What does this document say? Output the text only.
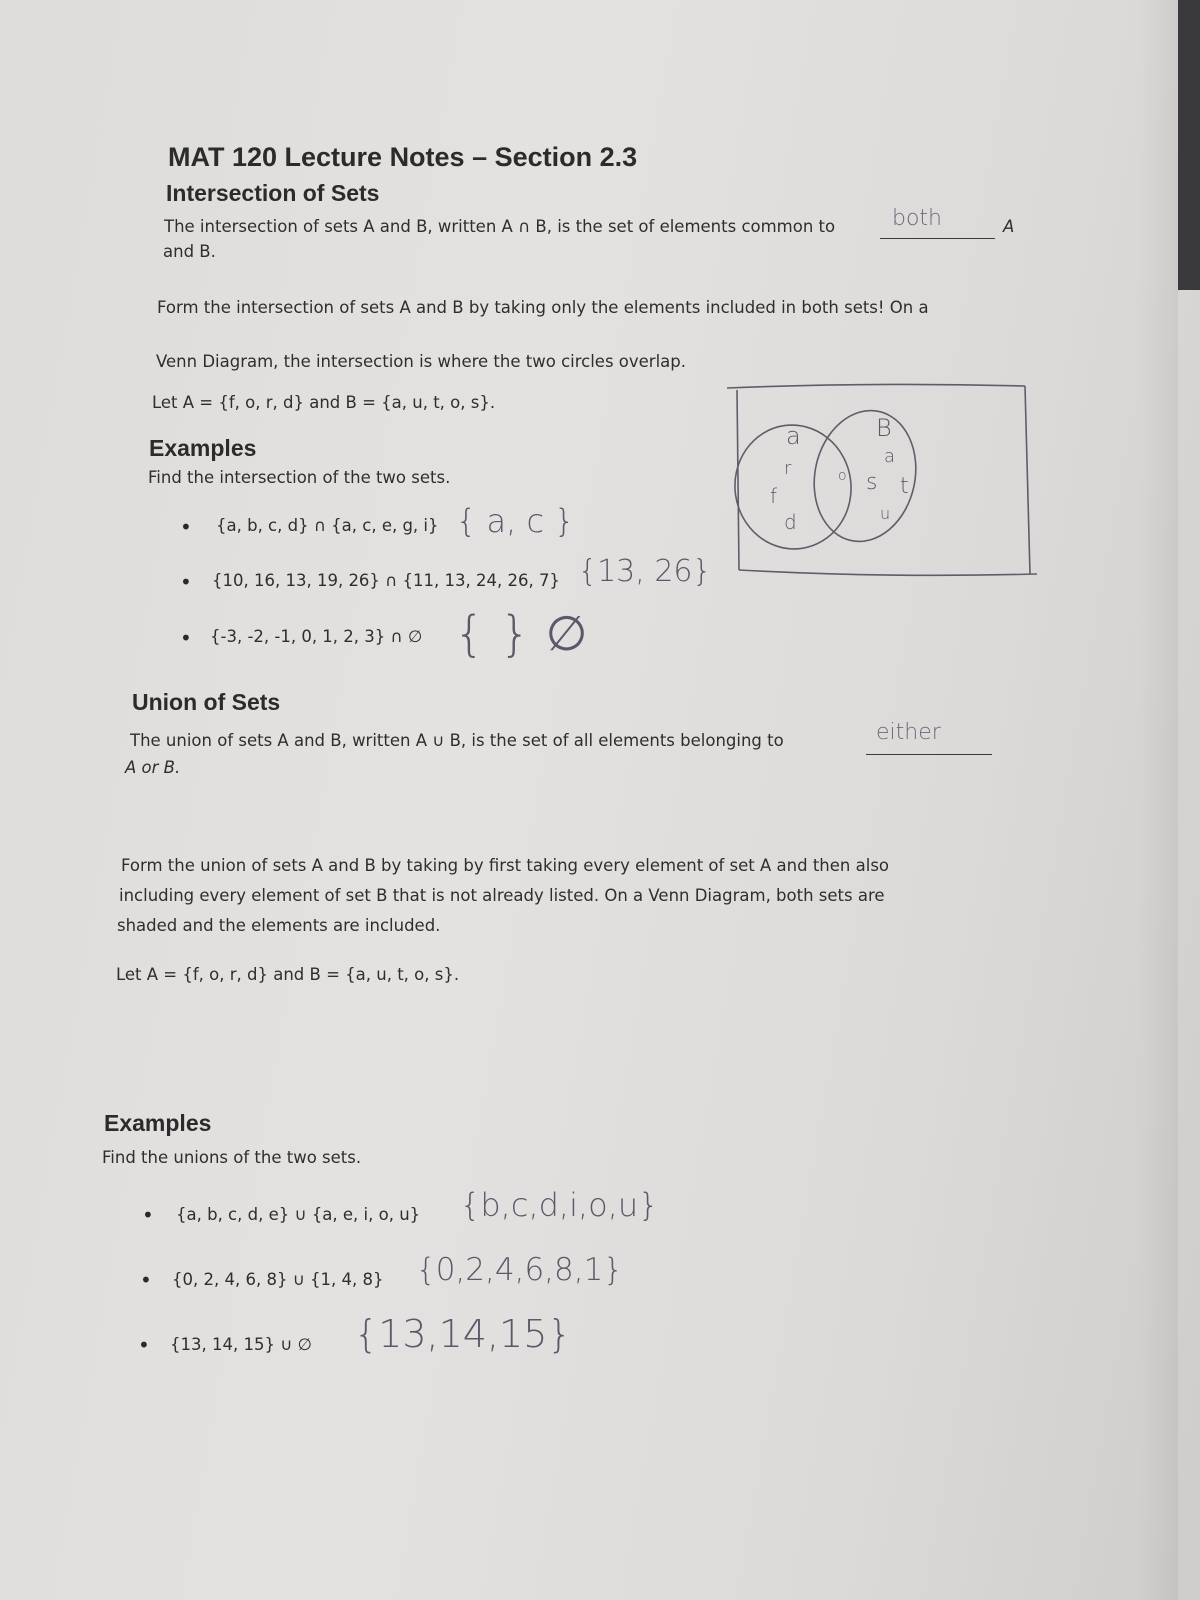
MAT 120 Lecture Notes – Section 2.3
Intersection of Sets
The intersection of sets A and B, written A ∩ B, is the set of elements common to	both	A
and B.
Form the intersection of sets A and B by taking only the elements included in both sets! On a
Venn Diagram, the intersection is where the two circles overlap.
Let A = {f, o, r, d} and B = {a, u, t, o, s}.
Examples
Find the intersection of the two sets.
• {a, b, c, d} ∩ {a, c, e, g, i} { a, c }
• {10, 16, 13, 19, 26} ∩ {11, 13, 24, 26, 7} {13, 26}
• {-3, -2, -1, 0, 1, 2, 3} ∩ ∅ { } ∅
a	B
r
f
d
o
a
s t
u
Union of Sets
The union of sets A and B, written A ∪ B, is the set of all elements belonging to	either
A or B.
Form the union of sets A and B by taking by first taking every element of set A and then also
including every element of set B that is not already listed. On a Venn Diagram, both sets are
shaded and the elements are included.
Let A = {f, o, r, d} and B = {a, u, t, o, s}.
Examples
Find the unions of the two sets.
• {a, b, c, d, e} ∪ {a, e, i, o, u} {b,c,d,i,o,u}
• {0, 2, 4, 6, 8} ∪ {1, 4, 8} {0,2,4,6,8,1}
• {13, 14, 15} ∪ ∅ {13,14,15}
